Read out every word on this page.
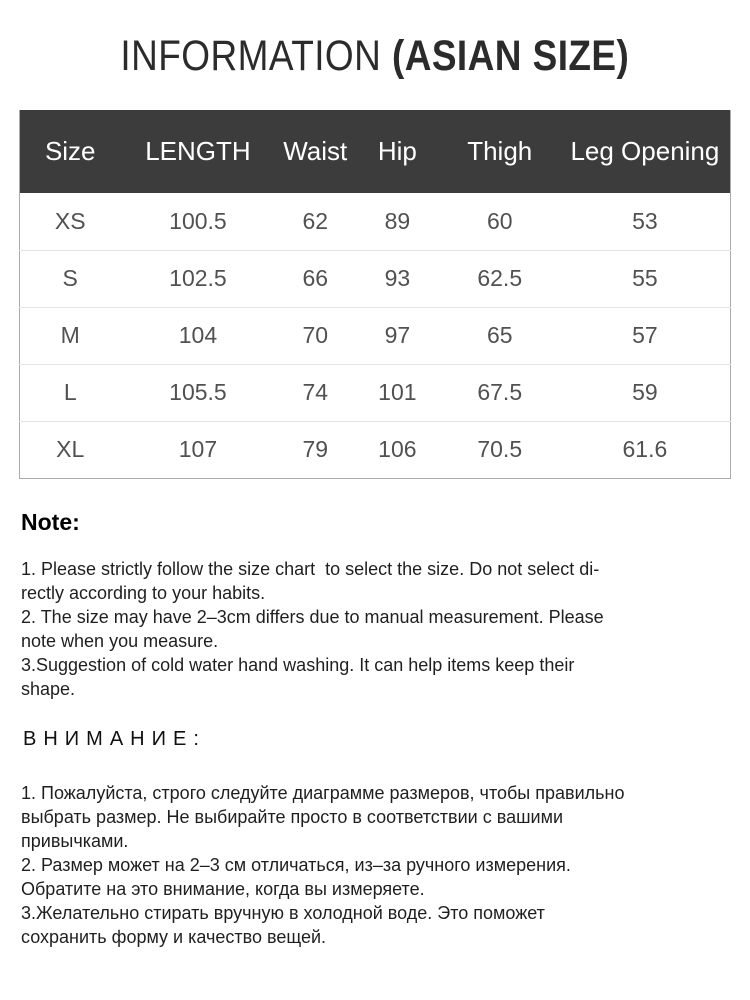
INFORMATION (ASIAN SIZE)
Size	LENGTH	Waist	Hip	Thigh	Leg Opening
XS	100.5	62	89	60	53
S	102.5	66	93	62.5	55
M	104	70	97	65	57
L	105.5	74	101	67.5	59
XL	107	79	106	70.5	61.6
Note:
1. Please strictly follow the size chart  to select the size. Do not select di-
rectly according to your habits.
2. The size may have 2–3cm differs due to manual measurement. Please
note when you measure.
3.Suggestion of cold water hand washing. It can help items keep their
shape.
ВНИМАНИЕ:
1. Пожалуйста, строго следуйте диаграмме размеров, чтобы правильно
выбрать размер. Не выбирайте просто в соответствии с вашими
привычками.
2. Размер может на 2–3 см отличаться, из–за ручного измерения.
Обратите на это внимание, когда вы измеряете.
3.Желательно стирать вручную в холодной воде. Это поможет
сохранить форму и качество вещей.
